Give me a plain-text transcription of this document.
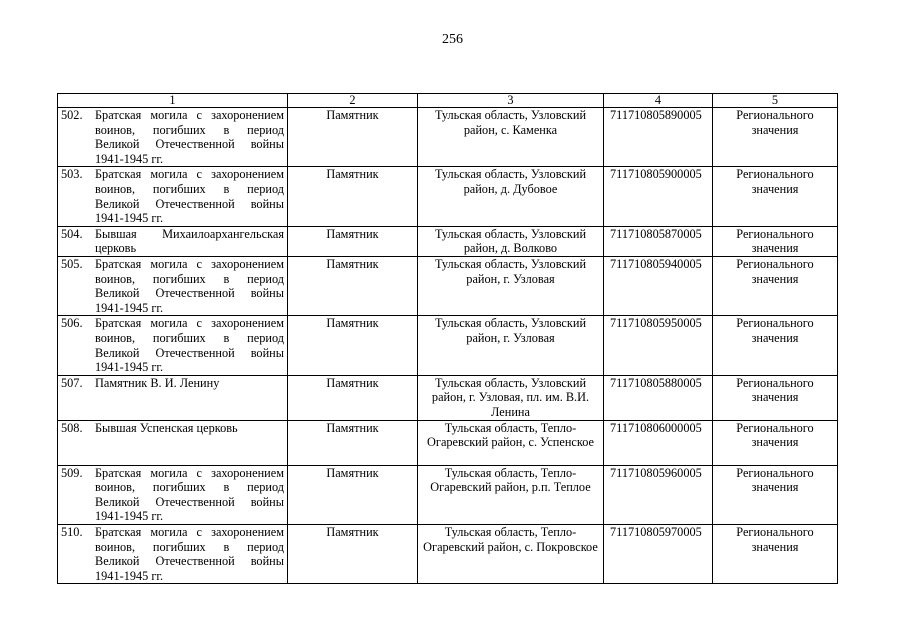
256
1	2	3	4	5

502. Братская могила с захоронением воинов, погибших в период Великой Отечественной войны 1941-1945 гг.	Памятник	Тульская область, Узловский район, с. Каменка	711710805890005	Регионального значения

503. Братская могила с захоронением воинов, погибших в период Великой Отечественной войны 1941-1945 гг.	Памятник	Тульская область, Узловский район, д. Дубовое	711710805900005	Регионального значения

504. Бывшая Михаилоархангельская церковь	Памятник	Тульская область, Узловский район, д. Волково	711710805870005	Регионального значения

505. Братская могила с захоронением воинов, погибших в период Великой Отечественной войны 1941-1945 гг.	Памятник	Тульская область, Узловский район, г. Узловая	711710805940005	Регионального значения

506. Братская могила с захоронением воинов, погибших в период Великой Отечественной войны 1941-1945 гг.	Памятник	Тульская область, Узловский район, г. Узловая	711710805950005	Регионального значения

507. Памятник В. И. Ленину	Памятник	Тульская область, Узловский район, г. Узловая, пл. им. В.И. Ленина	711710805880005	Регионального значения

508. Бывшая Успенская церковь	Памятник	Тульская область, Тепло-Огаревский район, с. Успенское	711710806000005	Регионального значения

509. Братская могила с захоронением воинов, погибших в период Великой Отечественной войны 1941-1945 гг.	Памятник	Тульская область, Тепло-Огаревский район, р.п. Теплое	711710805960005	Регионального значения

510. Братская могила с захоронением воинов, погибших в период Великой Отечественной войны 1941-1945 гг.	Памятник	Тульская область, Тепло-Огаревский район, с. Покровское	711710805970005	Регионального значения
